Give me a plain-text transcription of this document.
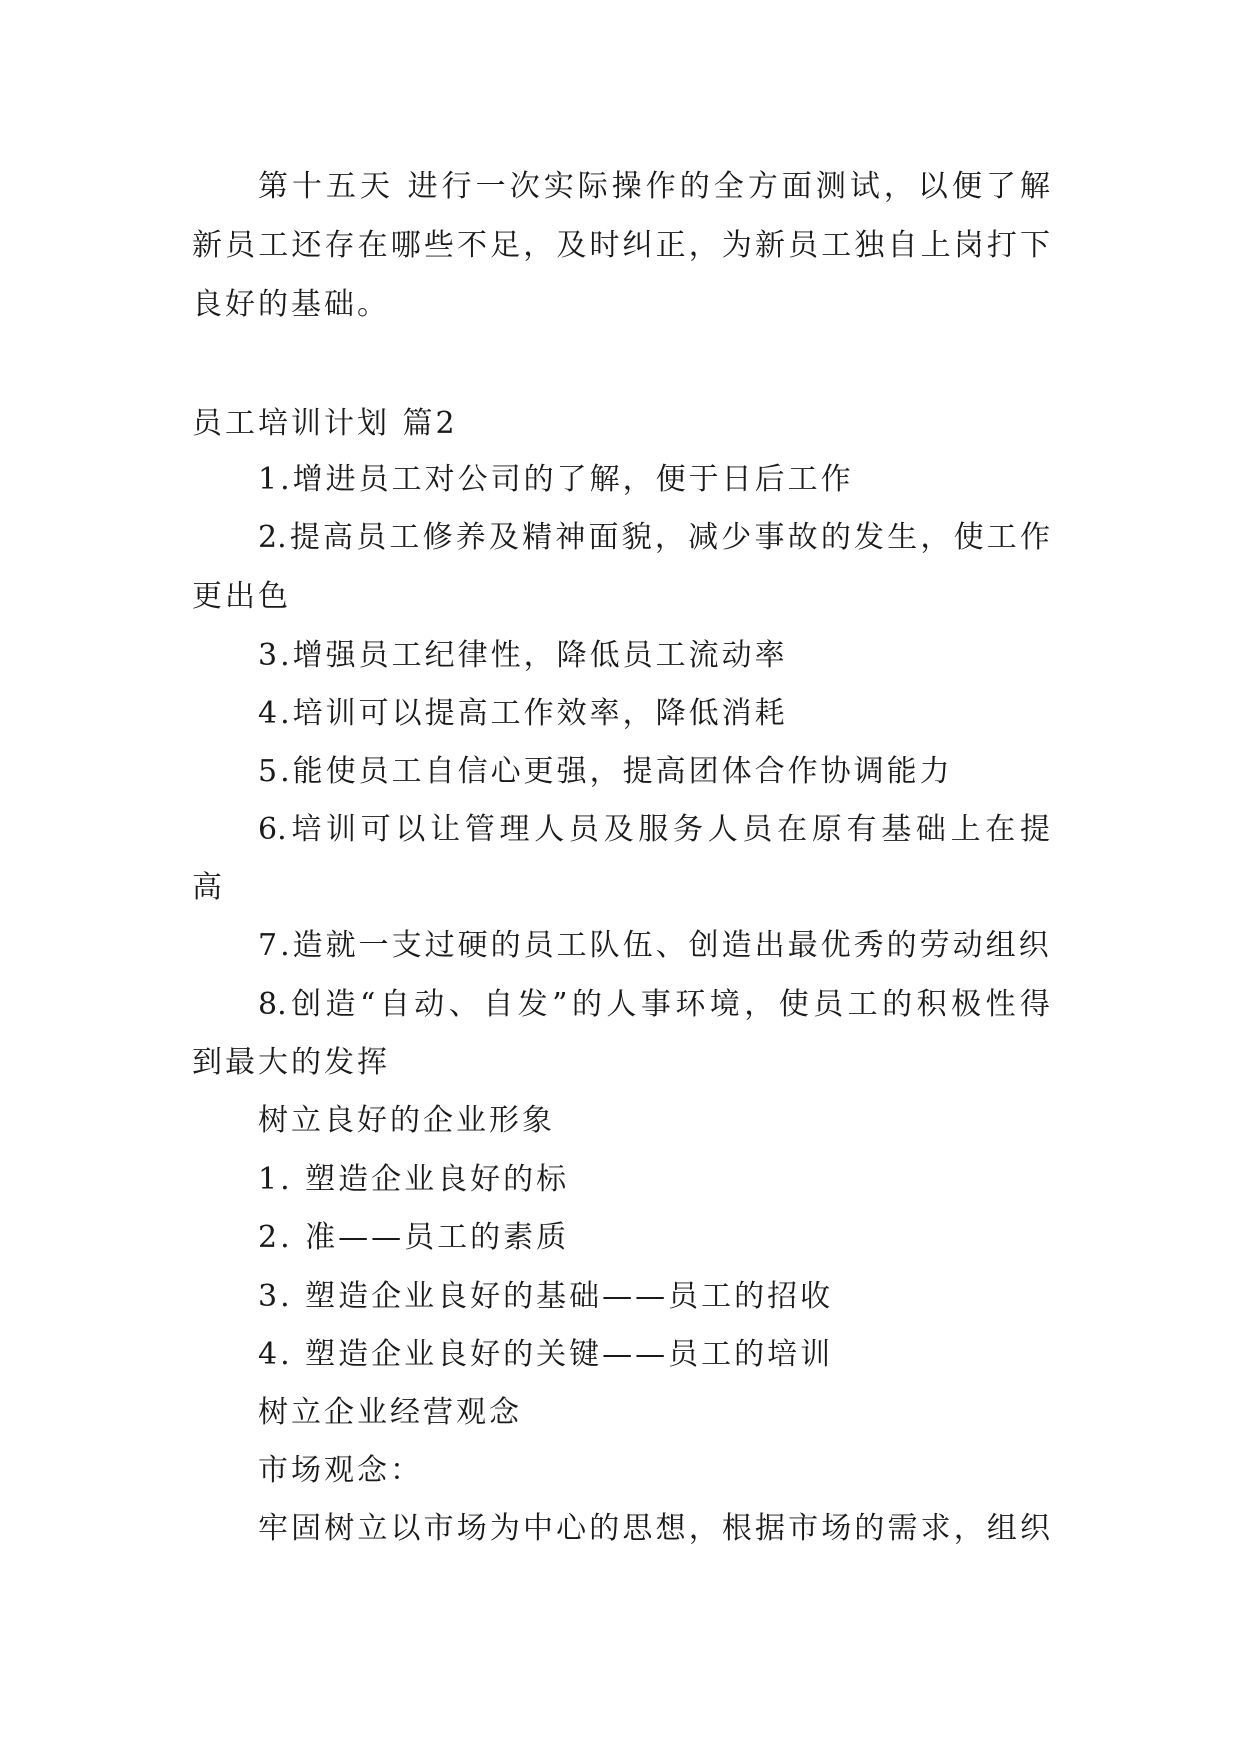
第十五天 进行一次实际操作的全方面测试，以便了解
新员工还存在哪些不足，及时纠正，为新员工独自上岗打下
良好的基础。
员工培训计划 篇2
1.增进员工对公司的了解，便于日后工作
2.提高员工修养及精神面貌，减少事故的发生，使工作
更出色
3.增强员工纪律性，降低员工流动率
4.培训可以提高工作效率，降低消耗
5.能使员工自信心更强，提高团体合作协调能力
6.培训可以让管理人员及服务人员在原有基础上在提
高
7.造就一支过硬的员工队伍、创造出最优秀的劳动组织
8.创造“自动、自发”的人事环境，使员工的积极性得
到最大的发挥
树立良好的企业形象
1. 塑造企业良好的标
2. 准——员工的素质
3. 塑造企业良好的基础——员工的招收
4. 塑造企业良好的关键——员工的培训
树立企业经营观念
市场观念：
牢固树立以市场为中心的思想，根据市场的需求，组织
